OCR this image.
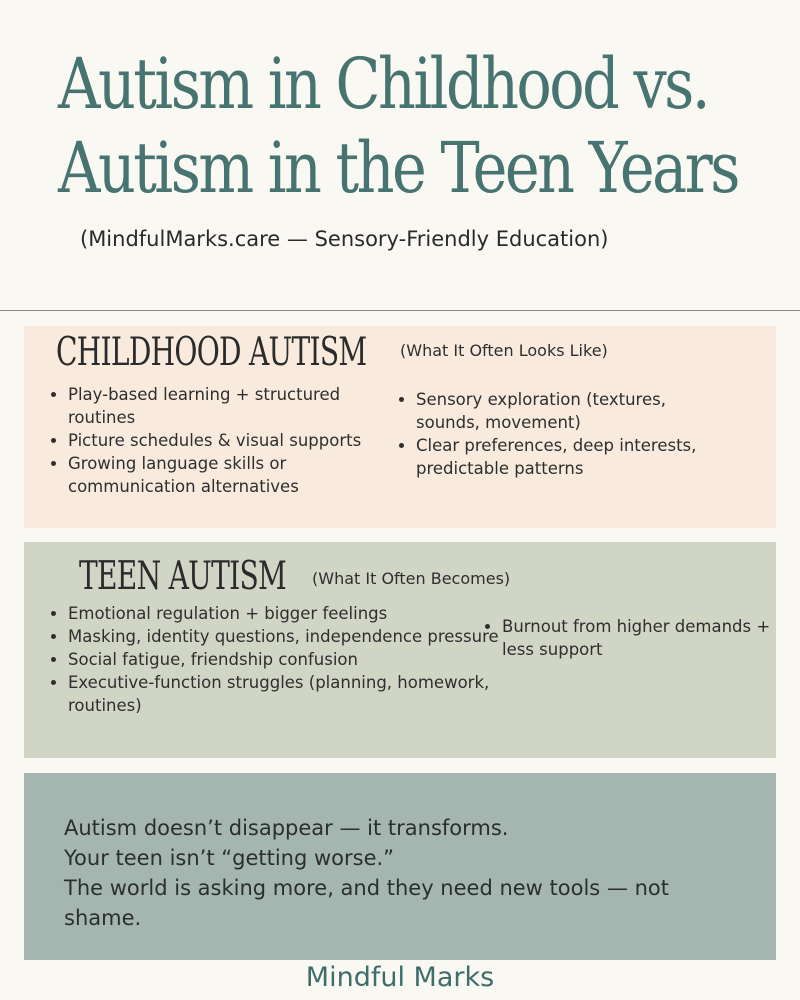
Autism in Childhood vs.
Autism in the Teen Years
(MindfulMarks.care — Sensory-Friendly Education)
CHILDHOOD AUTISM (What It Often Looks Like)
• Play-based learning + structured routines
• Picture schedules & visual supports
• Growing language skills or communication alternatives
• Sensory exploration (textures, sounds, movement)
• Clear preferences, deep interests, predictable patterns
TEEN AUTISM (What It Often Becomes)
• Emotional regulation + bigger feelings
• Masking, identity questions, independence pressure
• Social fatigue, friendship confusion
• Executive-function struggles (planning, homework, routines)
• Burnout from higher demands + less support
Autism doesn’t disappear — it transforms.
Your teen isn’t “getting worse.”
The world is asking more, and they need new tools — not shame.
Mindful Marks
